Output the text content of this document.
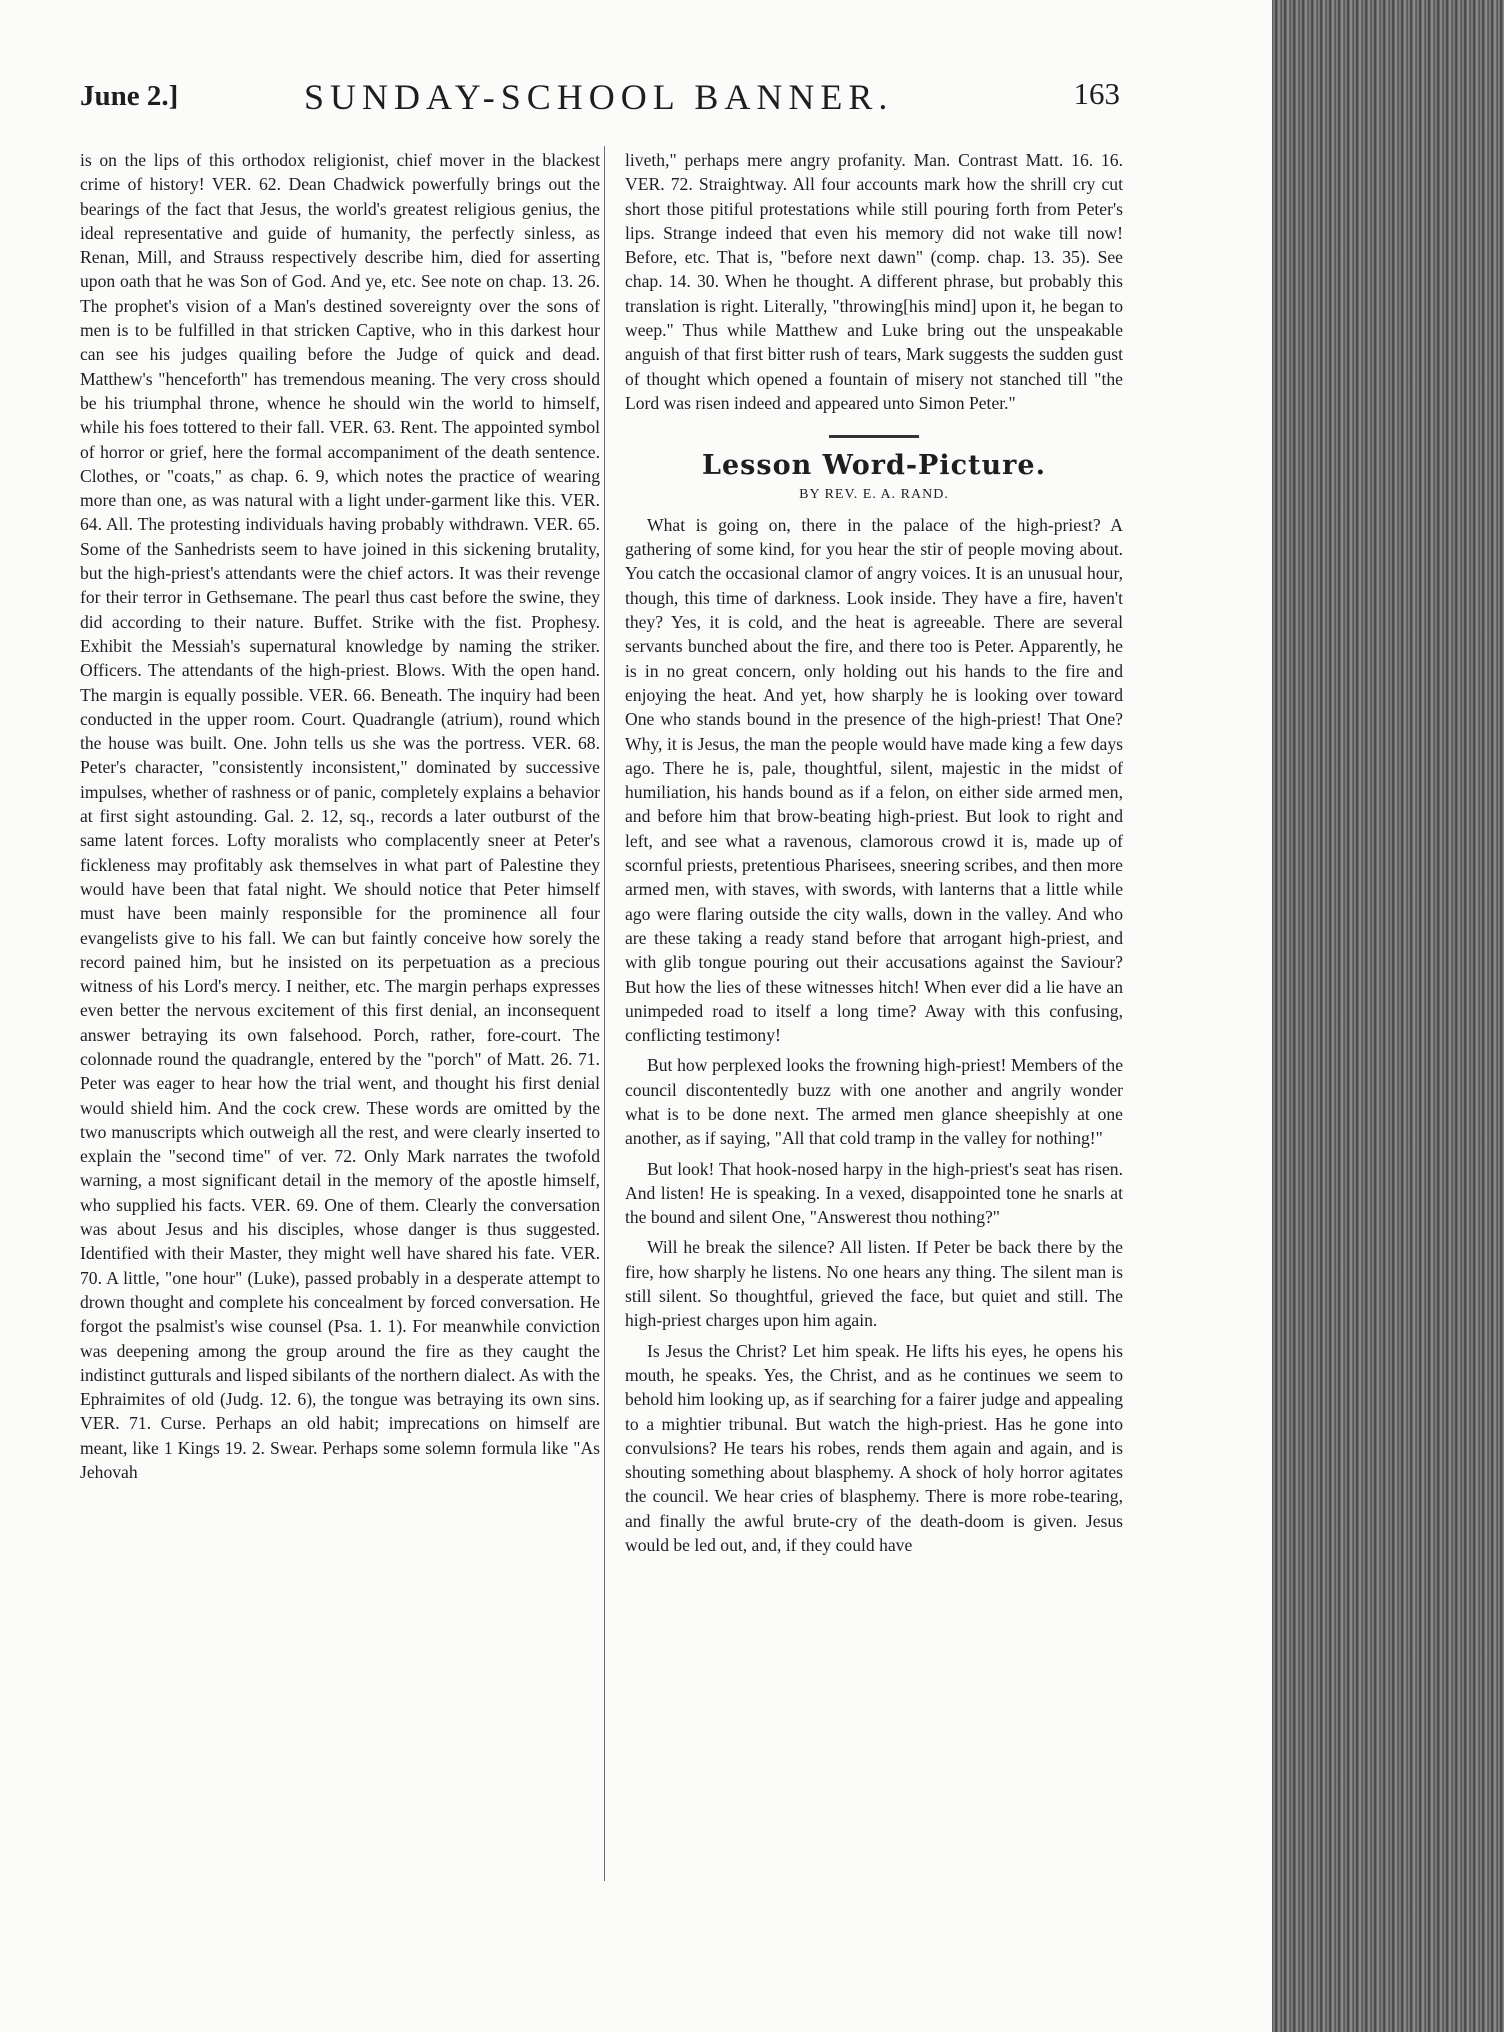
June 2.]	SUNDAY-SCHOOL BANNER.	163

is on the lips of this orthodox religionist, chief mover in the blackest crime of history! VER. 62. Dean Chadwick powerfully brings out the bearings of the fact that Jesus, the world's greatest religious genius, the ideal representative and guide of humanity, the perfectly sinless, as Renan, Mill, and Strauss respectively describe him, died for asserting upon oath that he was Son of God. And ye, etc. See note on chap. 13. 26. The prophet's vision of a Man's destined sovereignty over the sons of men is to be fulfilled in that stricken Captive, who in this darkest hour can see his judges quailing before the Judge of quick and dead. Matthew's "henceforth" has tremendous meaning. The very cross should be his triumphal throne, whence he should win the world to himself, while his foes tottered to their fall. VER. 63. Rent. The appointed symbol of horror or grief, here the formal accompaniment of the death sentence. Clothes, or "coats," as chap. 6. 9, which notes the practice of wearing more than one, as was natural with a light under-garment like this. VER. 64. All. The protesting individuals having probably withdrawn. VER. 65. Some of the Sanhedrists seem to have joined in this sickening brutality, but the high-priest's attendants were the chief actors. It was their revenge for their terror in Gethsemane. The pearl thus cast before the swine, they did according to their nature. Buffet. Strike with the fist. Prophesy. Exhibit the Messiah's supernatural knowledge by naming the striker. Officers. The attendants of the high-priest. Blows. With the open hand. The margin is equally possible. VER. 66. Beneath. The inquiry had been conducted in the upper room. Court. Quadrangle (atrium), round which the house was built. One. John tells us she was the portress. VER. 68. Peter's character, "consistently inconsistent," dominated by successive impulses, whether of rashness or of panic, completely explains a behavior at first sight astounding. Gal. 2. 12, sq., records a later outburst of the same latent forces. Lofty moralists who complacently sneer at Peter's fickleness may profitably ask themselves in what part of Palestine they would have been that fatal night. We should notice that Peter himself must have been mainly responsible for the prominence all four evangelists give to his fall. We can but faintly conceive how sorely the record pained him, but he insisted on its perpetuation as a precious witness of his Lord's mercy. I neither, etc. The margin perhaps expresses even better the nervous excitement of this first denial, an inconsequent answer betraying its own falsehood. Porch, rather, fore-court. The colonnade round the quadrangle, entered by the "porch" of Matt. 26. 71. Peter was eager to hear how the trial went, and thought his first denial would shield him. And the cock crew. These words are omitted by the two manuscripts which outweigh all the rest, and were clearly inserted to explain the "second time" of ver. 72. Only Mark narrates the twofold warning, a most significant detail in the memory of the apostle himself, who supplied his facts. VER. 69. One of them. Clearly the conversation was about Jesus and his disciples, whose danger is thus suggested. Identified with their Master, they might well have shared his fate. VER. 70. A little, "one hour" (Luke), passed probably in a desperate attempt to drown thought and complete his concealment by forced conversation. He forgot the psalmist's wise counsel (Psa. 1. 1). For meanwhile conviction was deepening among the group around the fire as they caught the indistinct gutturals and lisped sibilants of the northern dialect. As with the Ephraimites of old (Judg. 12. 6), the tongue was betraying its own sins. VER. 71. Curse. Perhaps an old habit; imprecations on himself are meant, like 1 Kings 19. 2. Swear. Perhaps some solemn formula like "As Jehovah

liveth," perhaps mere angry profanity. Man. Contrast Matt. 16. 16. VER. 72. Straightway. All four accounts mark how the shrill cry cut short those pitiful protestations while still pouring forth from Peter's lips. Strange indeed that even his memory did not wake till now! Before, etc. That is, "before next dawn" (comp. chap. 13. 35). See chap. 14. 30. When he thought. A different phrase, but probably this translation is right. Literally, "throwing[his mind] upon it, he began to weep." Thus while Matthew and Luke bring out the unspeakable anguish of that first bitter rush of tears, Mark suggests the sudden gust of thought which opened a fountain of misery not stanched till "the Lord was risen indeed and appeared unto Simon Peter."

Lesson Word-Picture.
BY REV. E. A. RAND.

What is going on, there in the palace of the high-priest? A gathering of some kind, for you hear the stir of people moving about. You catch the occasional clamor of angry voices. It is an unusual hour, though, this time of darkness. Look inside. They have a fire, haven't they? Yes, it is cold, and the heat is agreeable. There are several servants bunched about the fire, and there too is Peter. Apparently, he is in no great concern, only holding out his hands to the fire and enjoying the heat. And yet, how sharply he is looking over toward One who stands bound in the presence of the high-priest! That One? Why, it is Jesus, the man the people would have made king a few days ago. There he is, pale, thoughtful, silent, majestic in the midst of humiliation, his hands bound as if a felon, on either side armed men, and before him that brow-beating high-priest. But look to right and left, and see what a ravenous, clamorous crowd it is, made up of scornful priests, pretentious Pharisees, sneering scribes, and then more armed men, with staves, with swords, with lanterns that a little while ago were flaring outside the city walls, down in the valley. And who are these taking a ready stand before that arrogant high-priest, and with glib tongue pouring out their accusations against the Saviour? But how the lies of these witnesses hitch! When ever did a lie have an unimpeded road to itself a long time? Away with this confusing, conflicting testimony!

But how perplexed looks the frowning high-priest! Members of the council discontentedly buzz with one another and angrily wonder what is to be done next. The armed men glance sheepishly at one another, as if saying, "All that cold tramp in the valley for nothing!"

But look! That hook-nosed harpy in the high-priest's seat has risen. And listen! He is speaking. In a vexed, disappointed tone he snarls at the bound and silent One, "Answerest thou nothing?"

Will he break the silence? All listen. If Peter be back there by the fire, how sharply he listens. No one hears any thing. The silent man is still silent. So thoughtful, grieved the face, but quiet and still. The high-priest charges upon him again.

Is Jesus the Christ? Let him speak. He lifts his eyes, he opens his mouth, he speaks. Yes, the Christ, and as he continues we seem to behold him looking up, as if searching for a fairer judge and appealing to a mightier tribunal. But watch the high-priest. Has he gone into convulsions? He tears his robes, rends them again and again, and is shouting something about blasphemy. A shock of holy horror agitates the council. We hear cries of blasphemy. There is more robe-tearing, and finally the awful brute-cry of the death-doom is given. Jesus would be led out, and, if they could have
